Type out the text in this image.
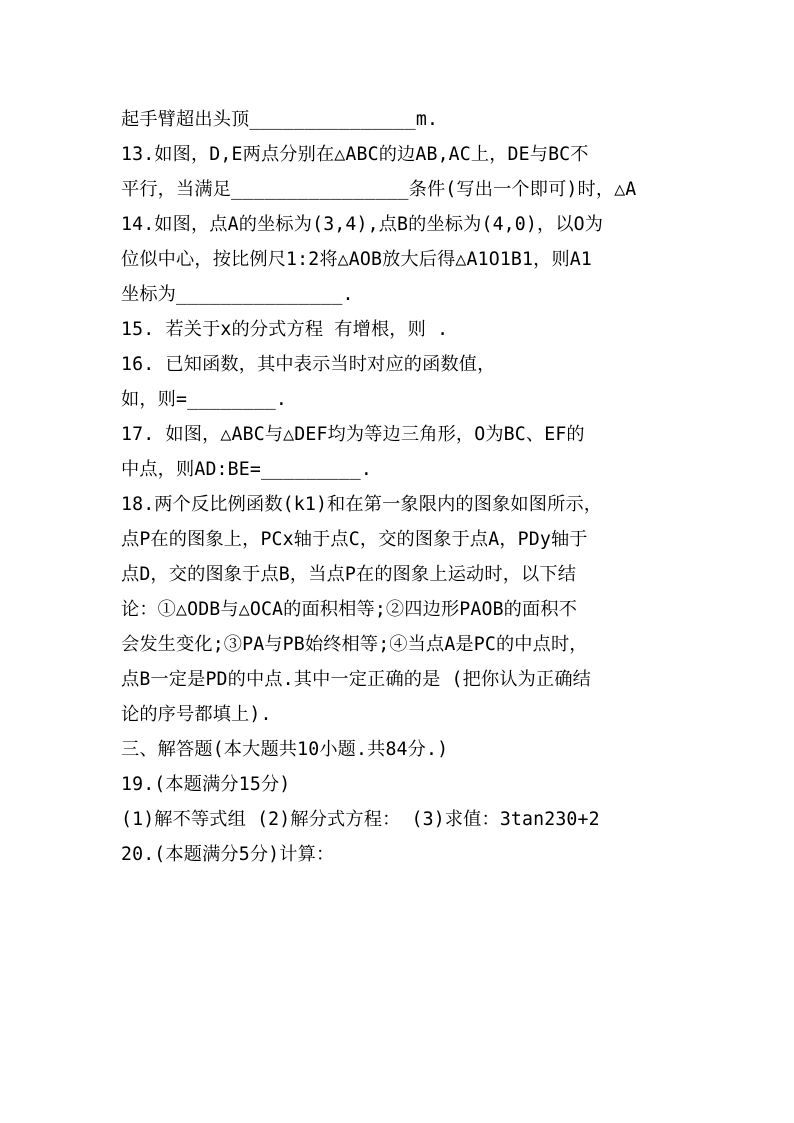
起手臂超出头顶_______________m.
13.如图，D,E两点分别在△ABC的边AB,AC上，DE与BC不
平行，当满足________________条件(写出一个即可)时，△A
14.如图，点A的坐标为(3,4),点B的坐标为(4,0)，以O为
位似中心，按比例尺1:2将△AOB放大后得△A1O1B1，则A1
坐标为_______________.
15. 若关于x的分式方程 有增根，则 .
16. 已知函数，其中表示当时对应的函数值，
如，则=________.
17. 如图，△ABC与△DEF均为等边三角形，O为BC、EF的
中点，则AD:BE=_________.
18.两个反比例函数(k1)和在第一象限内的图象如图所示，
点P在的图象上，PCx轴于点C，交的图象于点A，PDy轴于
点D，交的图象于点B，当点P在的图象上运动时，以下结
论：①△ODB与△OCA的面积相等;②四边形PAOB的面积不
会发生变化;③PA与PB始终相等;④当点A是PC的中点时，
点B一定是PD的中点.其中一定正确的是 (把你认为正确结
论的序号都填上).
三、解答题(本大题共10小题.共84分.)
19.(本题满分15分)
(1)解不等式组 (2)解分式方程： (3)求值：3tan230+2
20.(本题满分5分)计算：
